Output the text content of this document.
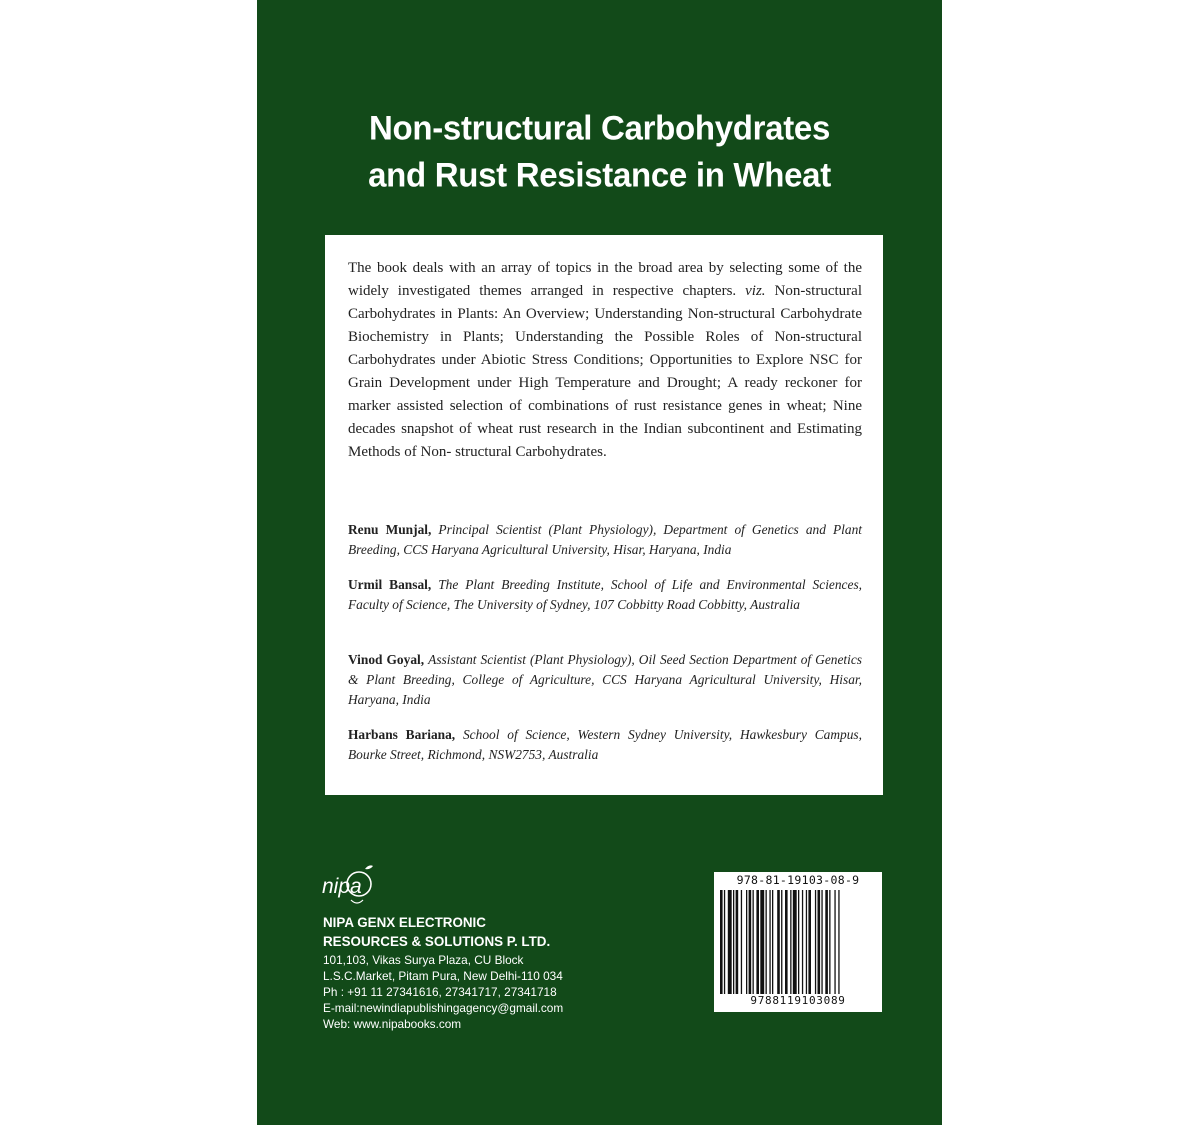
Non-structural Carbohydrates
and Rust Resistance in Wheat

The book deals with an array of topics in the broad area by selecting some of the widely investigated themes arranged in respective chapters. viz. Non-structural Carbohydrates in Plants: An Overview; Understanding Non-structural Carbohydrate Biochemistry in Plants; Understanding the Possible Roles of Non-structural Carbohydrates under Abiotic Stress Conditions; Opportunities to Explore NSC for Grain Development under High Temperature and Drought; A ready reckoner for marker assisted selection of combinations of rust resistance genes in wheat; Nine decades snapshot of wheat rust research in the Indian subcontinent and Estimating Methods of Non- structural Carbohydrates.

Renu Munjal, Principal Scientist (Plant Physiology), Department of Genetics and Plant Breeding, CCS Haryana Agricultural University, Hisar, Haryana, India

Urmil Bansal, The Plant Breeding Institute, School of Life and Environmental Sciences, Faculty of Science, The University of Sydney, 107 Cobbitty Road Cobbitty, Australia

Vinod Goyal, Assistant Scientist (Plant Physiology), Oil Seed Section Department of Genetics & Plant Breeding, College of Agriculture, CCS Haryana Agricultural University, Hisar, Haryana, India

Harbans Bariana, School of Science, Western Sydney University, Hawkesbury Campus, Bourke Street, Richmond, NSW2753, Australia

nipa
NIPA GENX ELECTRONIC
RESOURCES & SOLUTIONS P. LTD.
101,103, Vikas Surya Plaza, CU Block
L.S.C.Market, Pitam Pura, New Delhi-110 034
Ph : +91 11 27341616, 27341717, 27341718
E-mail:newindiapublishingagency@gmail.com
Web: www.nipabooks.com
978-81-19103-08-9
9788119103089
